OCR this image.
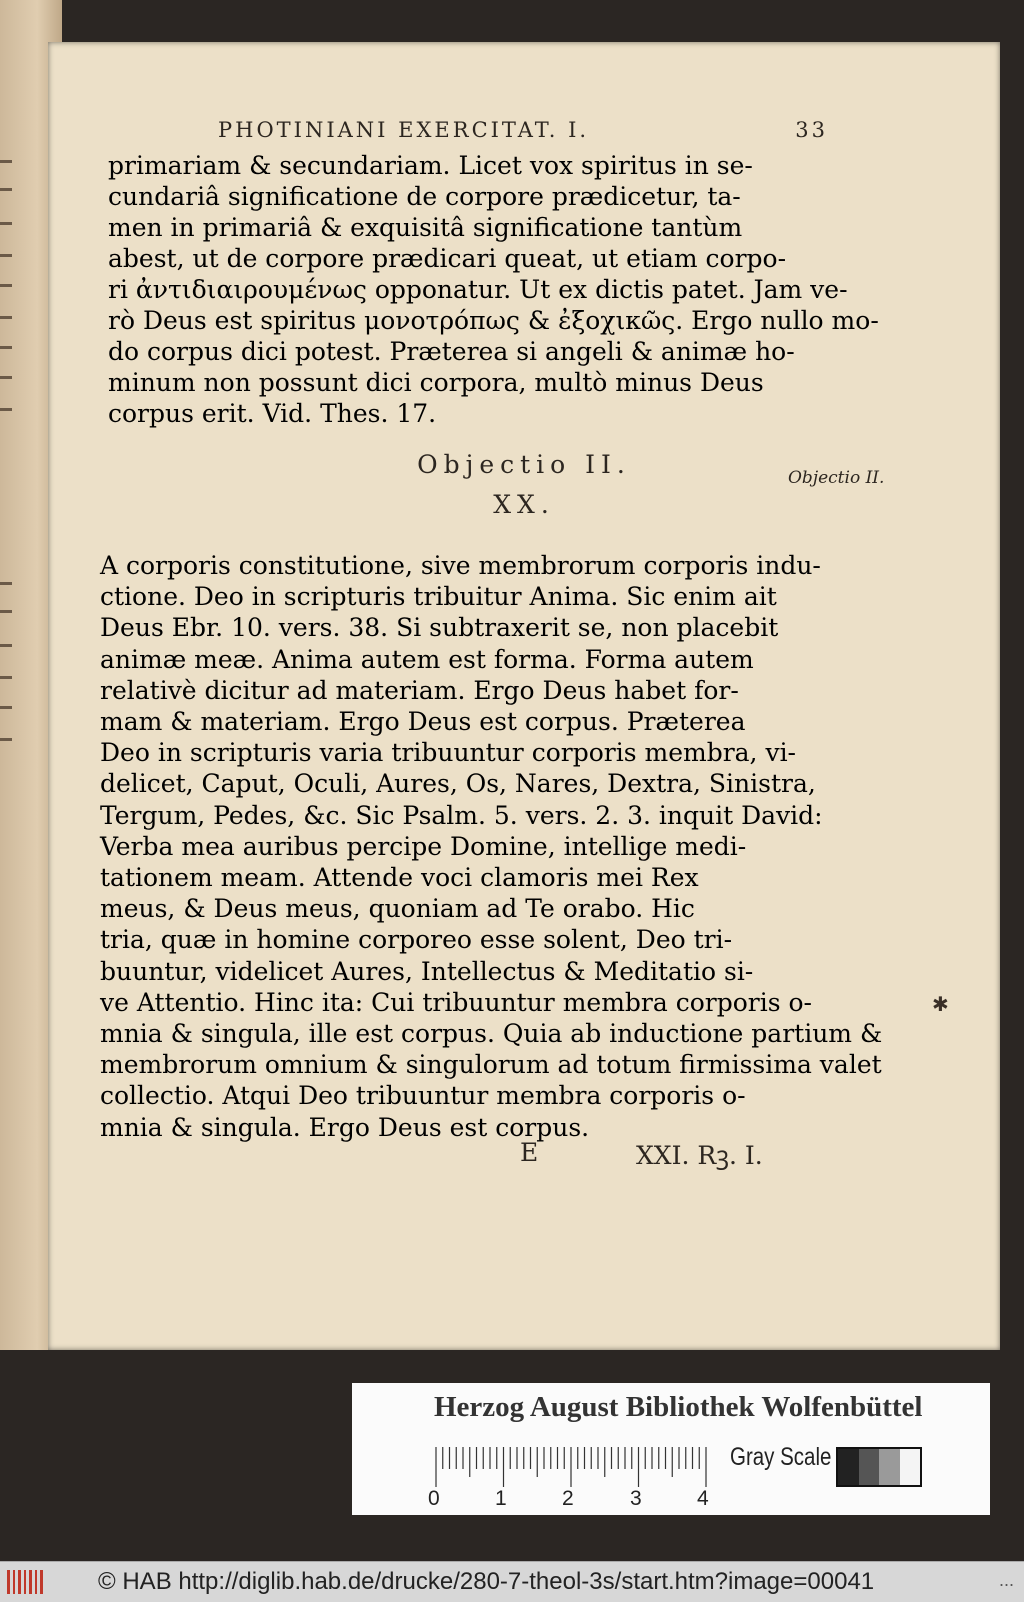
PHOTINIANI EXERCITAT. I.	33
primariam & secundariam. Licet vox spiritus in se-
cundariâ significatione de corpore prædicetur, ta-
men in primariâ & exquisitâ significatione tantùm
abest, ut de corpore prædicari queat, ut etiam corpo-
ri ἀντιδιαιρουμένως opponatur. Ut ex dictis patet. Jam ve-
rò Deus est spiritus μονοτρόπως & ἐξοχικῶς. Ergo nullo mo-
do corpus dici potest. Præterea si angeli & animæ ho-
minum non possunt dici corpora, multò minus Deus
corpus erit. Vid. Thes. 17.
Objectio II.
XX.
Objectio II.
A corporis constitutione, sive membrorum corporis indu-
ctione. Deo in scripturis tribuitur Anima. Sic enim ait
Deus Ebr. 10. vers. 38. Si subtraxerit se, non placebit
animæ meæ. Anima autem est forma. Forma autem
relativè dicitur ad materiam. Ergo Deus habet for-
mam & materiam. Ergo Deus est corpus. Præterea
Deo in scripturis varia tribuuntur corporis membra, vi-
delicet, Caput, Oculi, Aures, Os, Nares, Dextra, Sinistra,
Tergum, Pedes, &c. Sic Psalm. 5. vers. 2. 3. inquit David:
Verba mea auribus percipe Domine, intellige medi-
tationem meam. Attende voci clamoris mei Rex
meus, & Deus meus, quoniam ad Te orabo. Hic
tria, quæ in homine corporeo esse solent, Deo tri-
buuntur, videlicet Aures, Intellectus & Meditatio si-
ve Attentio. Hinc ita: Cui tribuuntur membra corporis o-
mnia & singula, ille est corpus. Quia ab inductione partium &
membrorum omnium & singulorum ad totum firmissima valet
collectio. Atqui Deo tribuuntur membra corporis o-
mnia & singula. Ergo Deus est corpus.
E	XXI. Rꝫ. I.
✱
Herzog August Bibliothek Wolfenbüttel
0	1	2	3	4
Gray Scale
© HAB http://diglib.hab.de/drucke/280-7-theol-3s/start.htm?image=00041	...
